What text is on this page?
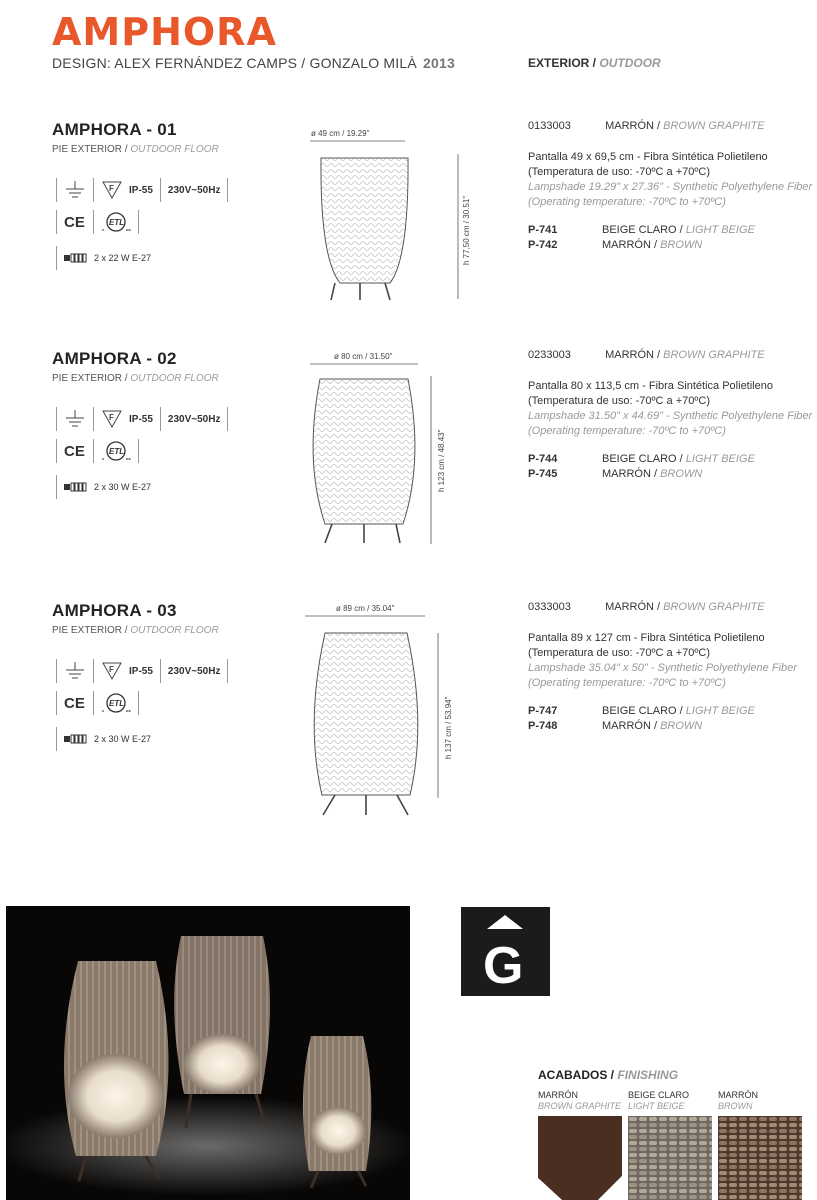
AMPHORA
DESIGN: ALEX FERNÁNDEZ CAMPS / GONZALO MILÀ 2013	EXTERIOR / OUTDOOR
AMPHORA - 01
PIE EXTERIOR / OUTDOOR FLOOR
F	IP-55	230V~50Hz
CE	ETL
c	us
2 x 22 W E-27
ø 49 cm / 19.29"
h 77,50 cm / 30.51"
0133003	MARRÓN / BROWN GRAPHITE
Pantalla 49 x 69,5 cm - Fibra Sintética Polietileno
(Temperatura de uso: -70ºC a +70ºC)
Lampshade 19.29" x 27.36" - Synthetic Polyethylene Fiber
(Operating temperature: -70ºC to +70ºC)
P-741	BEIGE CLARO / LIGHT BEIGE
P-742	MARRÓN / BROWN
AMPHORA - 02
PIE EXTERIOR / OUTDOOR FLOOR
F	IP-55	230V~50Hz
CE	ETL
c	us
2 x 30 W E-27
ø 80 cm / 31.50"
h 123 cm / 48.43"
0233003	MARRÓN / BROWN GRAPHITE
Pantalla 80 x 113,5 cm - Fibra Sintética Polietileno
(Temperatura de uso: -70ºC a +70ºC)
Lampshade 31.50" x 44.69" - Synthetic Polyethylene Fiber
(Operating temperature: -70ºC to +70ºC)
P-744	BEIGE CLARO / LIGHT BEIGE
P-745	MARRÓN / BROWN
AMPHORA - 03
PIE EXTERIOR / OUTDOOR FLOOR
F	IP-55	230V~50Hz
CE	ETL
c	us
2 x 30 W E-27
ø 89 cm / 35.04"
h 137 cm / 53.94"
0333003	MARRÓN / BROWN GRAPHITE
Pantalla 89 x 127 cm - Fibra Sintética Polietileno
(Temperatura de uso: -70ºC a +70ºC)
Lampshade 35.04" x 50" - Synthetic Polyethylene Fiber
(Operating temperature: -70ºC to +70ºC)
P-747	BEIGE CLARO / LIGHT BEIGE
P-748	MARRÓN / BROWN
G
ACABADOS / FINISHING
MARRÓN
BROWN GRAPHITE
BEIGE CLARO
LIGHT BEIGE
MARRÓN
BROWN
